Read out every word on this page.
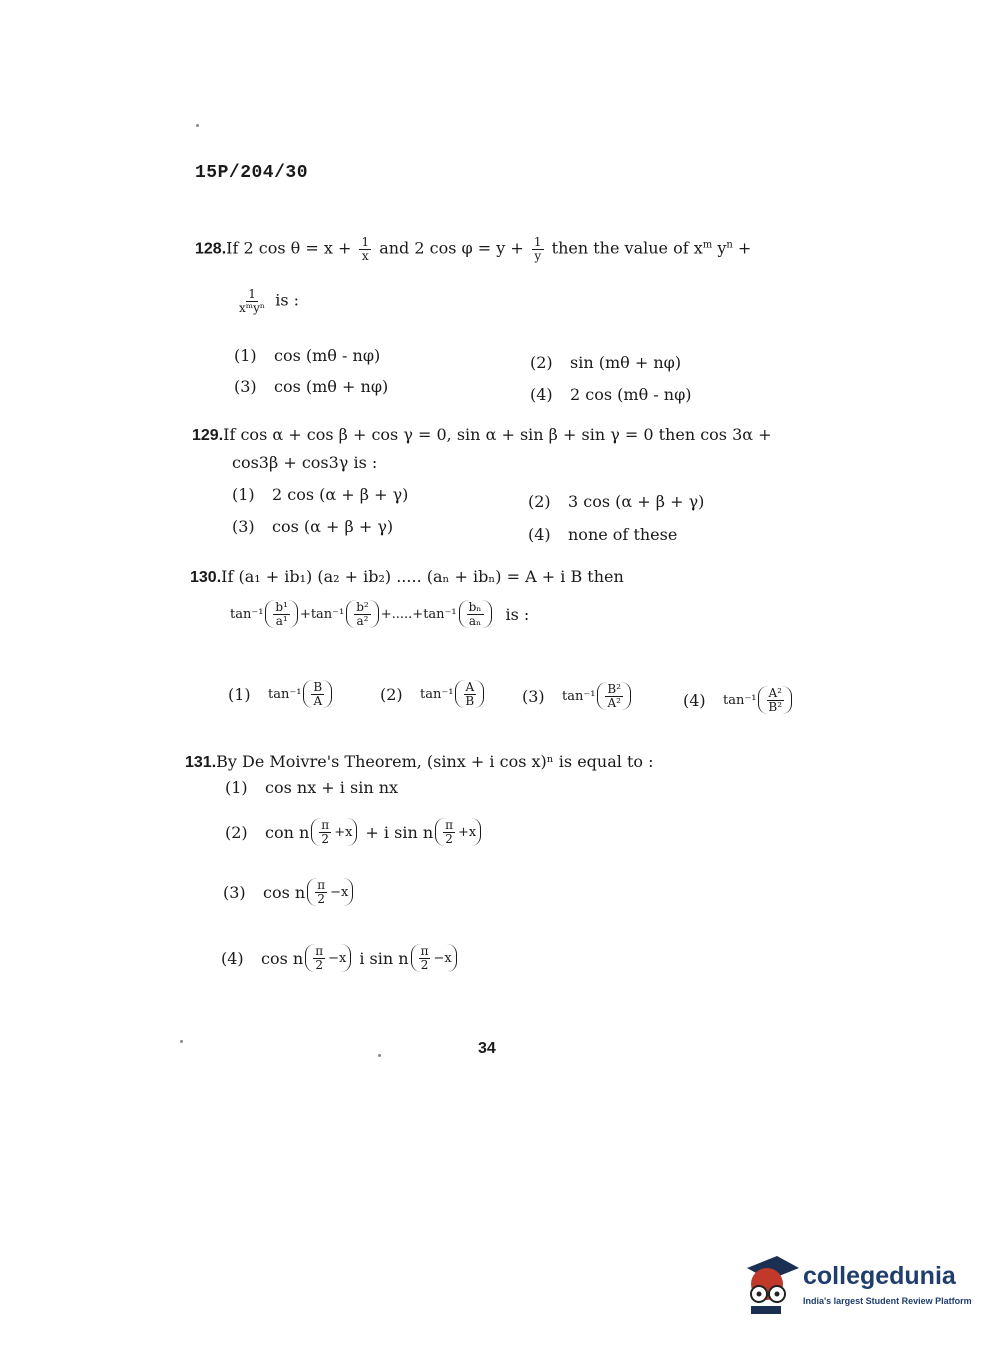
15P/204/30
128.If 2 $\cos \theta = x + \frac{1}{x}$ and 2 $\cos \varphi = y + \frac{1}{y}$ then the value of $x^m$ $y^n$ +
$\frac{1}{\text{xᵐyⁿ}}$ is :
(1) cos (mθ - nφ)	(2) sin (mθ + nφ)
(3) cos (mθ + nφ)	(4) 2 cos (mθ - nφ)
129.If cos α + cos β + cos γ = 0, sin α + sin β + sin γ = 0 then cos 3α +
cos3β + cos3γ is :
(1) 2 cos (α + β + γ)	(2) 3 cos (α + β + γ)
(3) cos (α + β + γ)	(4) none of these
130.If (a₁ + ib₁) (a₂ + ib₂) ..... (aₙ + ibₙ) = A + i B then
$\tan^{-1} \frac{\text{b¹}}{\text{a¹}} + \tan^{-1} \frac{\text{b²}}{\text{a²}}$ +.....+ $\tan^{-1} \frac{\text{bₙ}}{\text{aₙ}}$ is :
(1)	$\tan^{-1} \frac{B}{A}$	(2)	$\tan^{-1} \frac{A}{B}$	(3)	$\tan^{-1} \frac{\text{B²}}{\text{A²}}$	(4)	$\tan^{-1} \frac{\text{A²}}{\text{B²}}$
131.By De Moivre's Theorem, (sinx + i cos x)ⁿ is equal to :
(1) cos nx + i sin nx
(2)	con n $\frac{\pi}{2} +x + i$ sin n $\frac{\pi}{2} +x$
(3)	cos n $\frac{\pi}{2} -x$
(4)	cos n $\frac{\pi}{2} -x$ i sin n $\frac{\pi}{2} -x$
34
collegedunia
India's largest Student Review Platform
